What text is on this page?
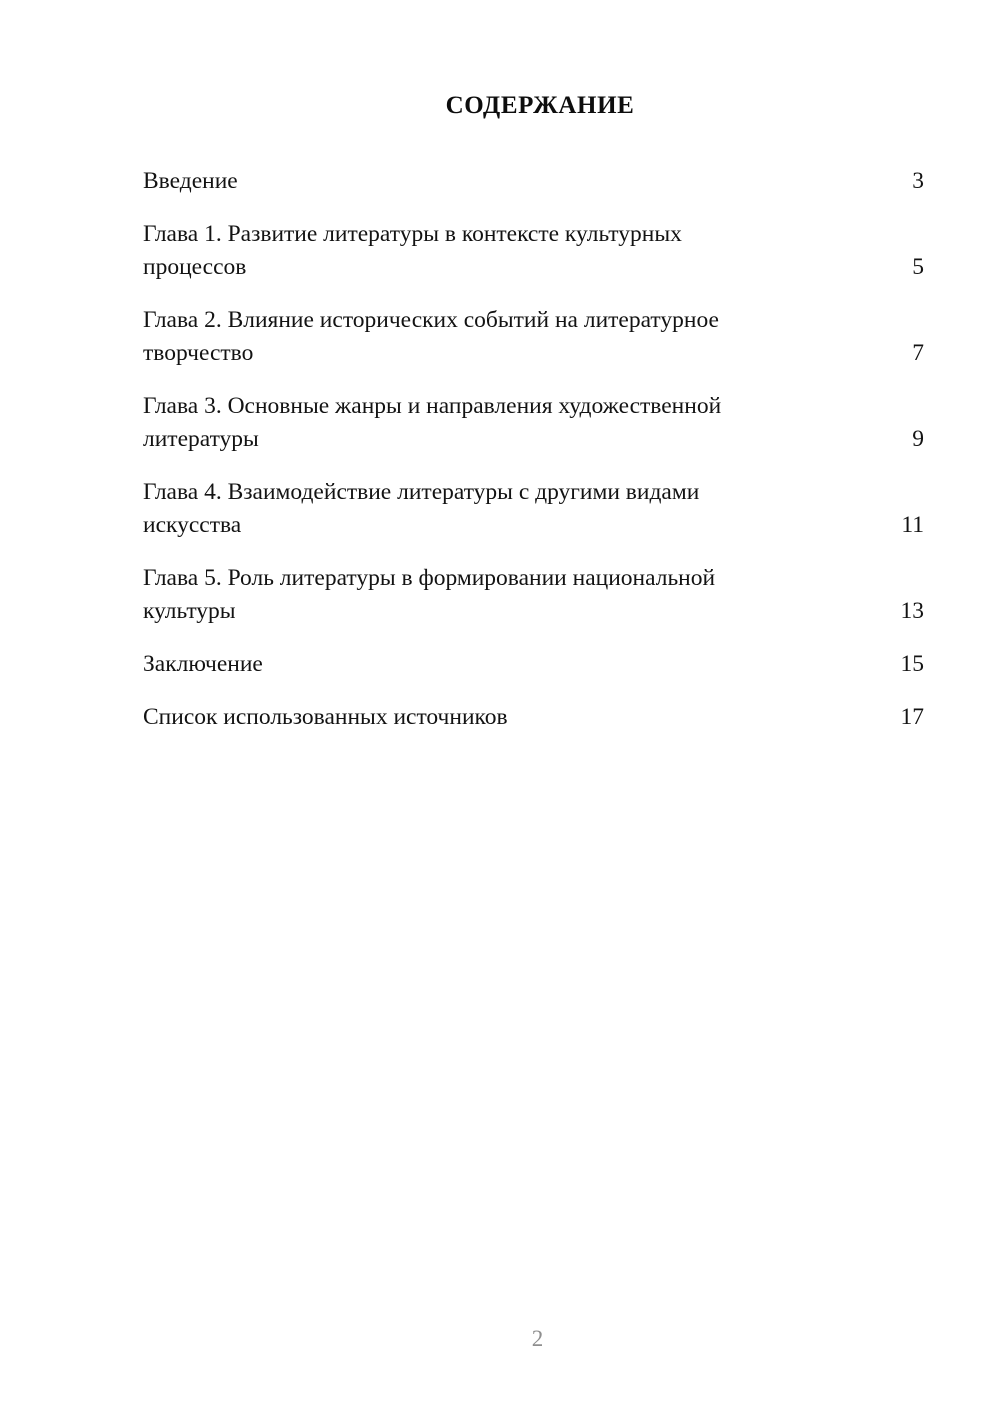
СОДЕРЖАНИЕ
Введение	3
Глава 1. Развитие литературы в контексте культурных процессов	5
Глава 2. Влияние исторических событий на литературное творчество	7
Глава 3. Основные жанры и направления художественной литературы	9
Глава 4. Взаимодействие литературы с другими видами искусства	11
Глава 5. Роль литературы в формировании национальной культуры	13
Заключение	15
Список использованных источников	17
2
